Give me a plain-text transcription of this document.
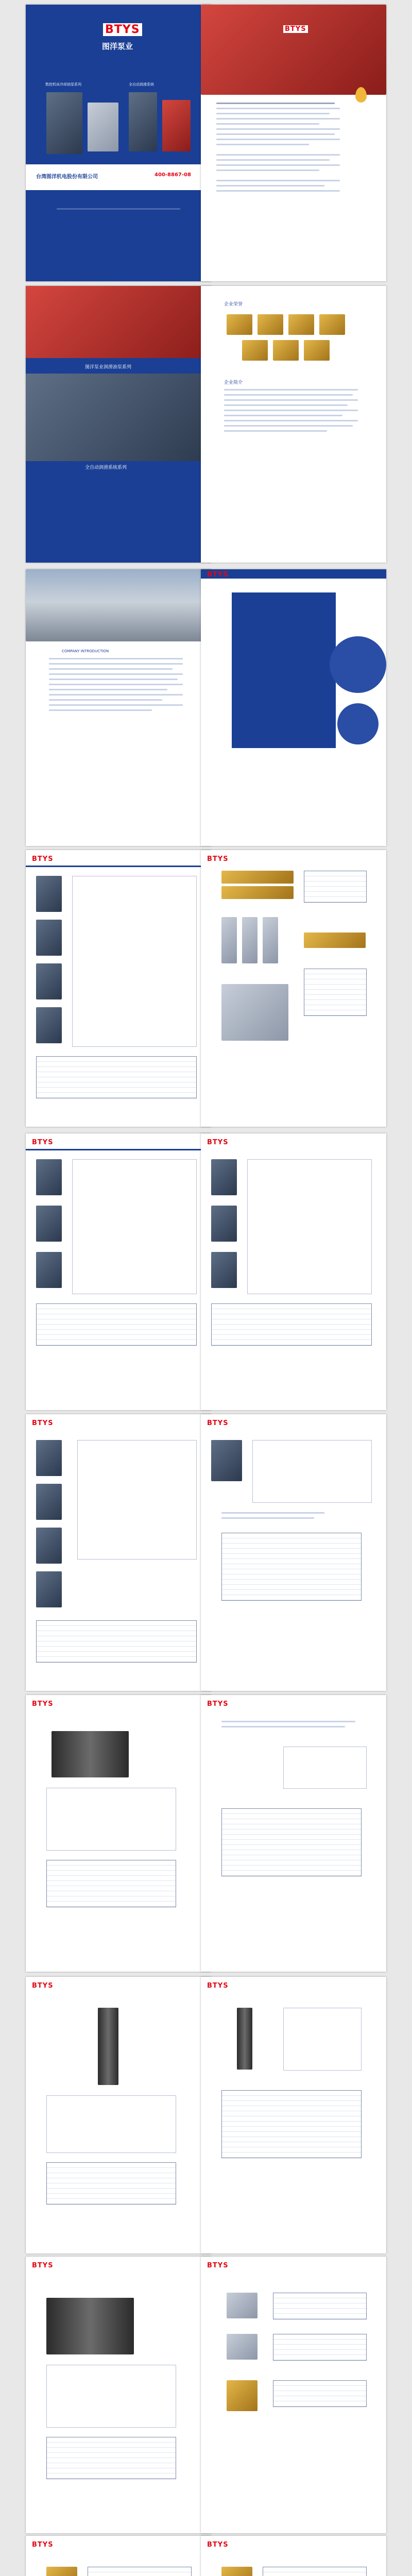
BTYS
图洋泵业
数控机床冷却油泵系列	全自动润滑系统
台湾图洋机电股份有限公司	400-8867-08
BTYS
图洋泵业润滑油泵系列
全自动润滑系统系列
企业荣誉
企业简介
COMPANY INTRODUCTION
BTYS
BTYS	BTYS
BTYS	BTYS
BTYS	BTYS
BTYS	BTYS
BTYS	BTYS
BTYS	BTYS
BTYS	BTYS
